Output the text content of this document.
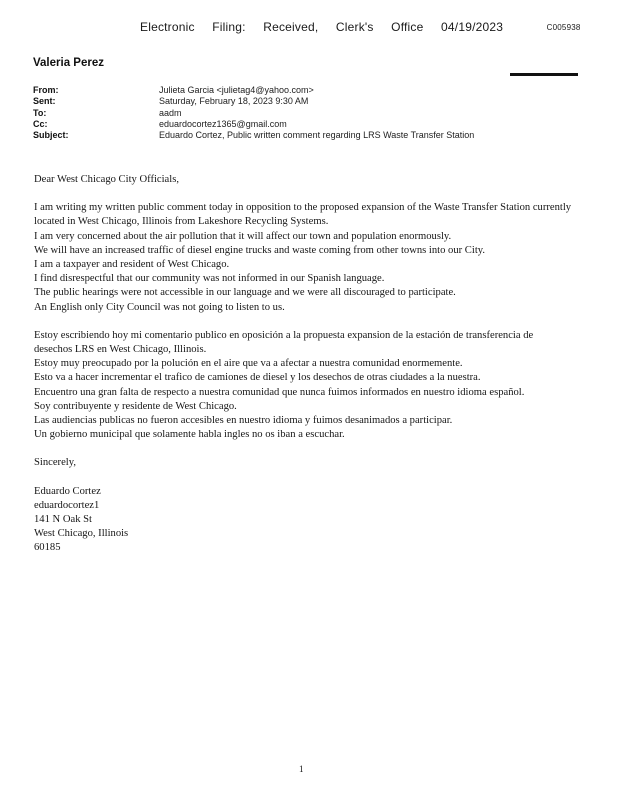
Electronic Filing: Received, Clerk's Office 04/19/2023	C005938
Valeria Perez
From:	Julieta Garcia <julietag4@yahoo.com>
Sent:	Saturday, February 18, 2023 9:30 AM
To:	aadm
Cc:	eduardocortez1365@gmail.com
Subject:	Eduardo Cortez, Public written comment regarding LRS Waste Transfer Station

Dear West Chicago City Officials,

I am writing my written public comment today in opposition to the proposed expansion of the Waste Transfer Station currently located in West Chicago, Illinois from Lakeshore Recycling Systems.

I am very concerned about the air pollution that it will affect our town and population enormously.

We will have an increased traffic of diesel engine trucks and waste coming from other towns into our City.

I am a taxpayer and resident of West Chicago.

I find disrespectful that our community was not informed in our Spanish language.

The public hearings were not accessible in our language and we were all discouraged to participate.

An English only City Council was not going to listen to us.

Estoy escribiendo hoy mi comentario publico en oposición a la propuesta expansion de la estación de transferencia de desechos LRS en West Chicago, Illinois.

Estoy muy preocupado por la polución en el aire que va a afectar a nuestra comunidad enormemente.

Esto va a hacer incrementar el trafico de camiones de diesel y los desechos de otras ciudades a la nuestra.

Encuentro una gran falta de respecto a nuestra comunidad que nunca fuimos informados en nuestro idioma español.

Soy contribuyente y residente de West Chicago.

Las audiencias publicas no fueron accesibles en nuestro idioma y fuimos desanimados a participar.

Un gobierno municipal que solamente habla ingles no os iban a escuchar.

Sincerely,

Eduardo Cortez

eduardocortez1

141 N Oak St

West Chicago, Illinois

60185

1
